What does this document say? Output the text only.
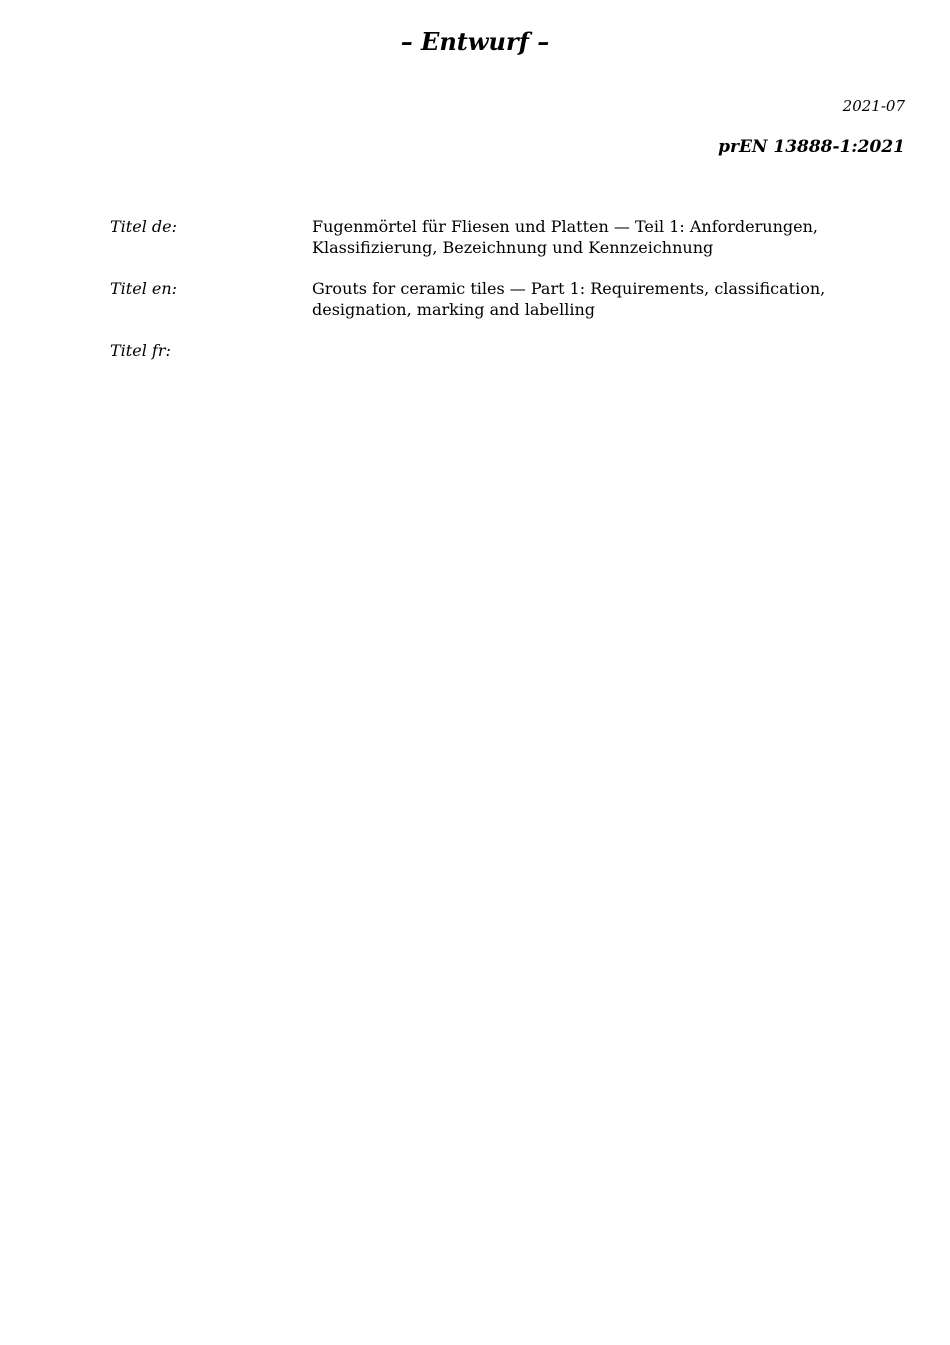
– Entwurf –
2021-07
prEN 13888-1:2021
Titel de:	Fugenmörtel für Fliesen und Platten — Teil 1: Anforderungen, Klassifizierung, Bezeichnung und Kennzeichnung
Titel en:	Grouts for ceramic tiles — Part 1: Requirements, classification, designation, marking and labelling
Titel fr:
